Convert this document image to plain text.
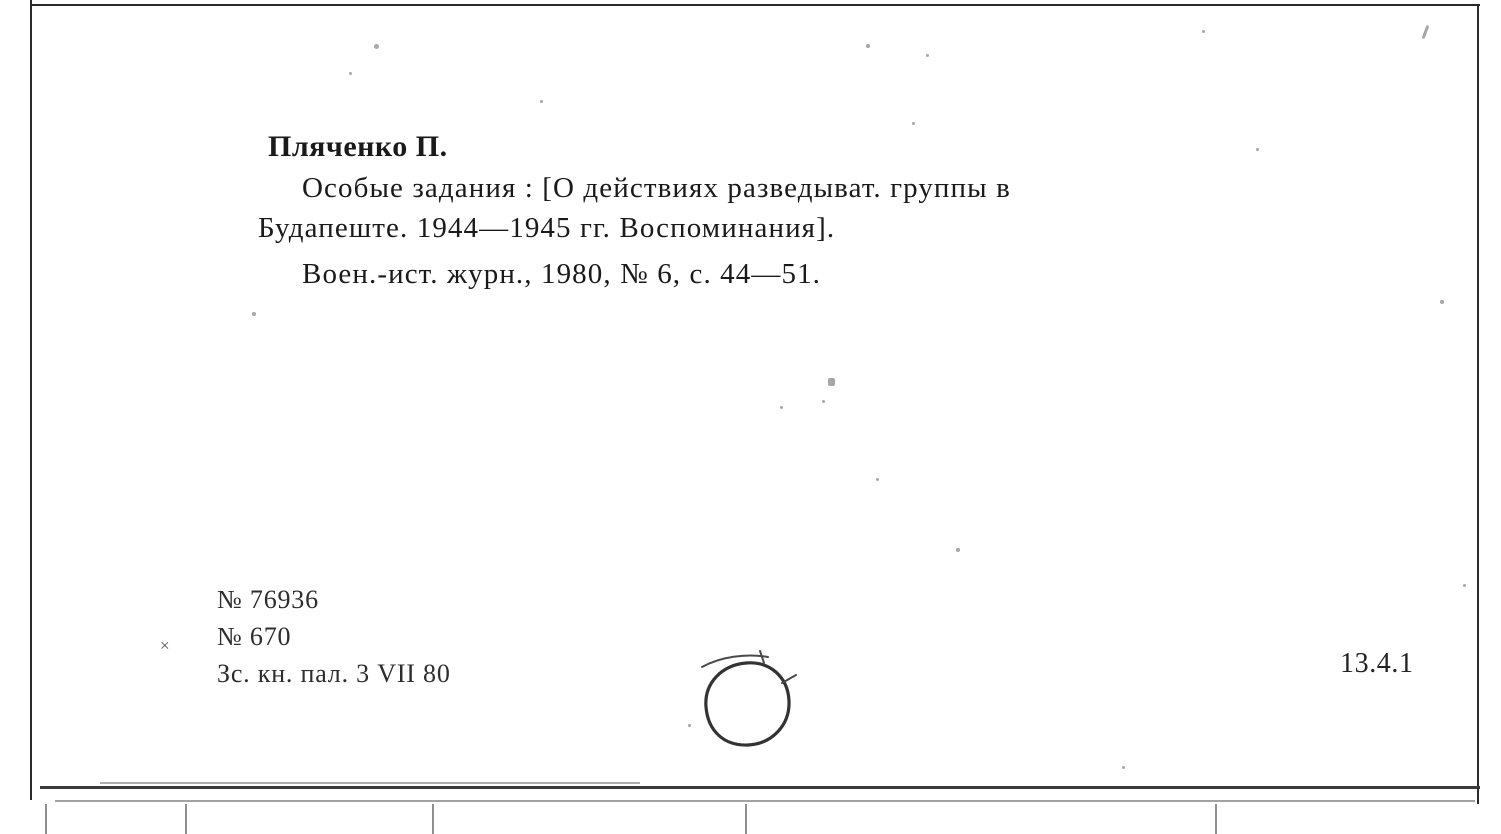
Пляченко П.

Особые задания : [О действиях разведыват. группы в

Будапеште. 1944—1945 гг. Воспоминания].

Воен.-ист. журн., 1980, № 6, с. 44—51.

×
№ 76936
№ 670
Зс. кн. пал. 3 VII 80	13.4.1
